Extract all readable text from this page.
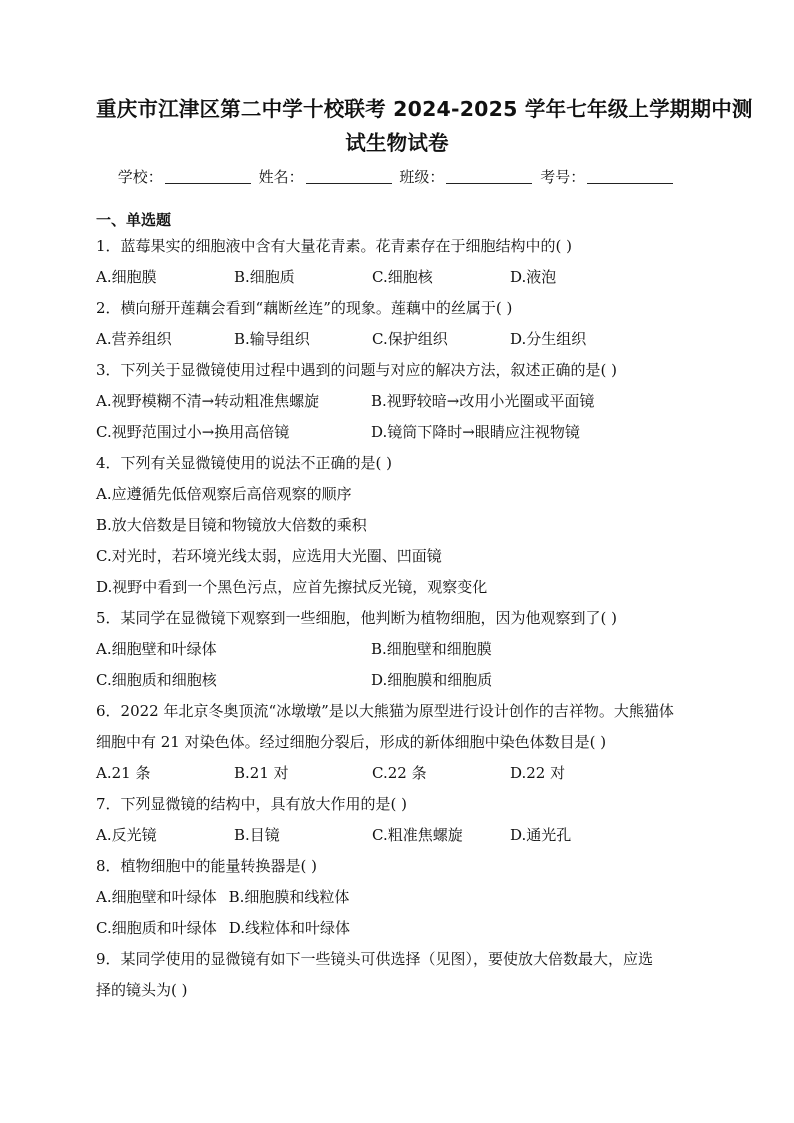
重庆市江津区第二中学十校联考 2024-2025 学年七年级上学期期中测
试生物试卷
学校：	姓名：	班级：	考号：
一、单选题
1．蓝莓果实的细胞液中含有大量花青素。花青素存在于细胞结构中的( )
A.细胞膜	B.细胞质	C.细胞核	D.液泡
2．横向掰开莲藕会看到“藕断丝连”的现象。莲藕中的丝属于( )
A.营养组织	B.输导组织	C.保护组织	D.分生组织
3．下列关于显微镜使用过程中遇到的问题与对应的解决方法，叙述正确的是( )
A.视野模糊不清→转动粗准焦螺旋	B.视野较暗→改用小光圈或平面镜
C.视野范围过小→换用高倍镜	D.镜筒下降时→眼睛应注视物镜
4．下列有关显微镜使用的说法不正确的是( )
A.应遵循先低倍观察后高倍观察的顺序
B.放大倍数是目镜和物镜放大倍数的乘积
C.对光时，若环境光线太弱，应选用大光圈、凹面镜
D.视野中看到一个黑色污点，应首先擦拭反光镜，观察变化
5．某同学在显微镜下观察到一些细胞，他判断为植物细胞，因为他观察到了( )
A.细胞壁和叶绿体	B.细胞壁和细胞膜
C.细胞质和细胞核	D.细胞膜和细胞质
6．2022 年北京冬奥顶流“冰墩墩”是以大熊猫为原型进行设计创作的吉祥物。大熊猫体
细胞中有 21 对染色体。经过细胞分裂后，形成的新体细胞中染色体数目是( )
A.21 条	B.21 对	C.22 条	D.22 对
7．下列显微镜的结构中，具有放大作用的是( )
A.反光镜	B.目镜	C.粗准焦螺旋	D.通光孔
8．植物细胞中的能量转换器是( )
A.细胞壁和叶绿体 B.细胞膜和线粒体
C.细胞质和叶绿体 D.线粒体和叶绿体
9．某同学使用的显微镜有如下一些镜头可供选择（见图），要使放大倍数最大，应选
择的镜头为( )
